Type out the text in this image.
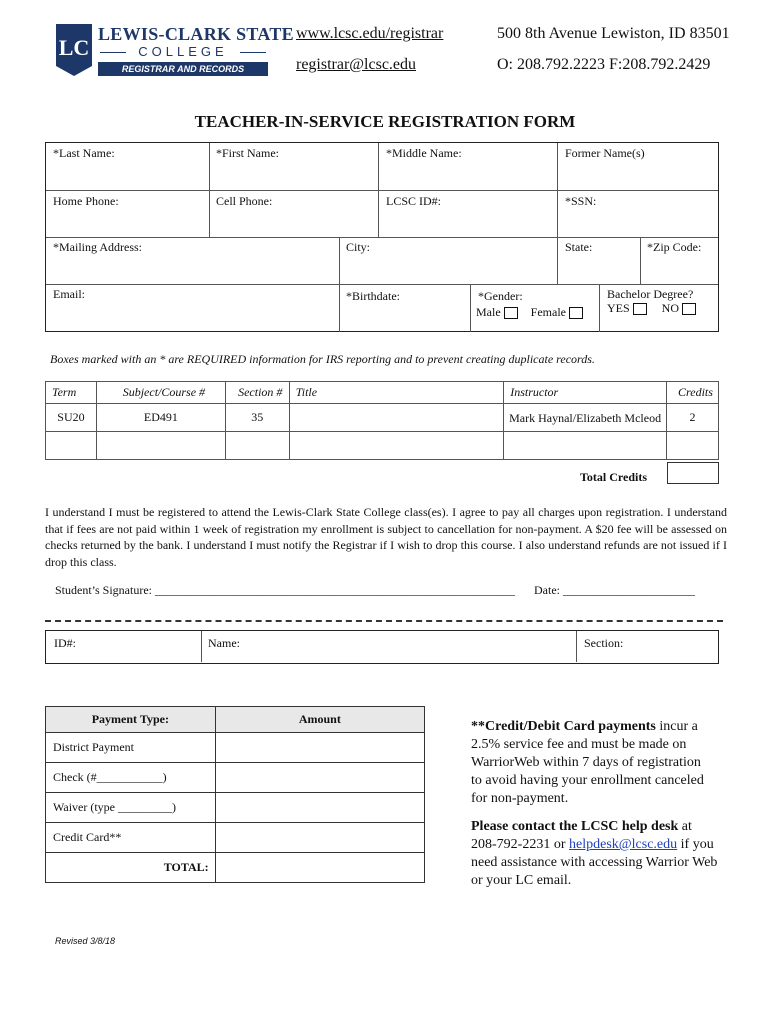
LC
LEWIS-CLARK STATE
COLLEGE
REGISTRAR AND RECORDS
www.lcsc.edu/registrar	500 8th Avenue Lewiston, ID 83501
registrar@lcsc.edu	O: 208.792.2223 F:208.792.2429
TEACHER-IN-SERVICE REGISTRATION FORM
*Last Name:	*First Name:	*Middle Name:	Former Name(s)
Home Phone:	Cell Phone:	LCSC ID#:	*SSN:
*Mailing Address:	City:	State:	*Zip Code:
Email:	*Birthdate:	*Gender:
Male	Female
Bachelor Degree?
YES	NO
Boxes marked with an * are REQUIRED information for IRS reporting and to prevent creating duplicate records.
Term	Subject/Course #	Section #	Title	Instructor	Credits
SU20	ED491	35		Mark Haynal/Elizabeth Mcleod	2

Total Credits
I understand I must be registered to attend the Lewis-Clark State College class(es). I agree to pay all charges upon registration. I understand that if fees are not paid within 1 week of registration my enrollment is subject to cancellation for non-payment. A $20 fee will be assessed on checks returned by the bank. I understand I must notify the Registrar if I wish to drop this course. I also understand refunds are not issued if I drop this class.
Student’s Signature: ____________________________________________________________ Date: ______________________
ID#:	Name:	Section:
Payment Type:	Amount
District Payment	
Check (#___________)	
Waiver (type _________)	
Credit Card**	
TOTAL:	
**Credit/Debit Card payments incur a 2.5% service fee and must be made on WarriorWeb within 7 days of registration to avoid having your enrollment canceled for non-payment.
Please contact the LCSC help desk at 208-792-2231 or helpdesk@lcsc.edu if you need assistance with accessing Warrior Web or your LC email.
Revised 3/8/18
